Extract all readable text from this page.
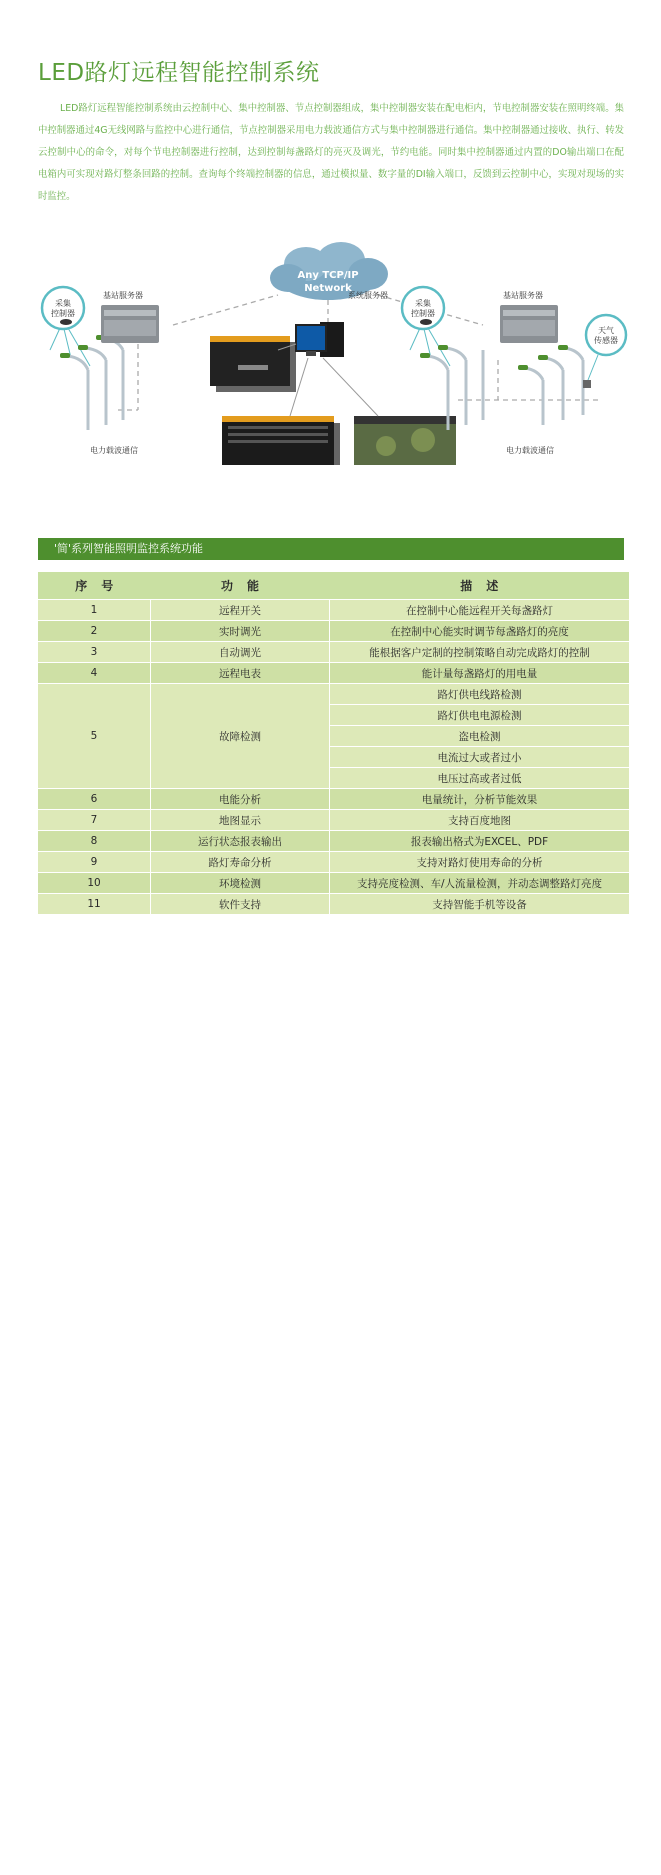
LED路灯远程智能控制系统
LED路灯远程智能控制系统由云控制中心、集中控制器、节点控制器组成，集中控制器安装在配电柜内，节电控制器安装在照明终端。集中控制器通过4G无线网路与监控中心进行通信，节点控制器采用电力载波通信方式与集中控制器进行通信。集中控制器通过接收、执行、转发云控制中心的命令，对每个节电控制器进行控制，达到控制每盏路灯的亮灭及调光，节约电能。同时集中控制器通过内置的DO输出端口在配电箱内可实现对路灯整条回路的控制。查询每个终端控制器的信息，通过模拟量、数字量的DI输入端口，反馈到云控制中心，实现对现场的实时监控。
Any TCP/IP
Network
采集
控制器
基站服务器	系统服务器
采集
控制器
基站服务器
天气
传感器
电力载波通信	电力载波通信
'简'系列智能照明监控系统功能
序号	功能	描述
1	远程开关	在控制中心能远程开关每盏路灯
2	实时调光	在控制中心能实时调节每盏路灯的亮度
3	自动调光	能根据客户定制的控制策略自动完成路灯的控制
4	远程电表	能计量每盏路灯的用电量
5	故障检测	路灯供电线路检测
		路灯供电电源检测
		盗电检测
		电流过大或者过小
		电压过高或者过低
6	电能分析	电量统计，分析节能效果
7	地图显示	支持百度地图
8	运行状态报表输出	报表输出格式为EXCEL、PDF
9	路灯寿命分析	支持对路灯使用寿命的分析
10	环境检测	支持亮度检测、车/人流量检测，并动态调整路灯亮度
11	软件支持	支持智能手机等设备
